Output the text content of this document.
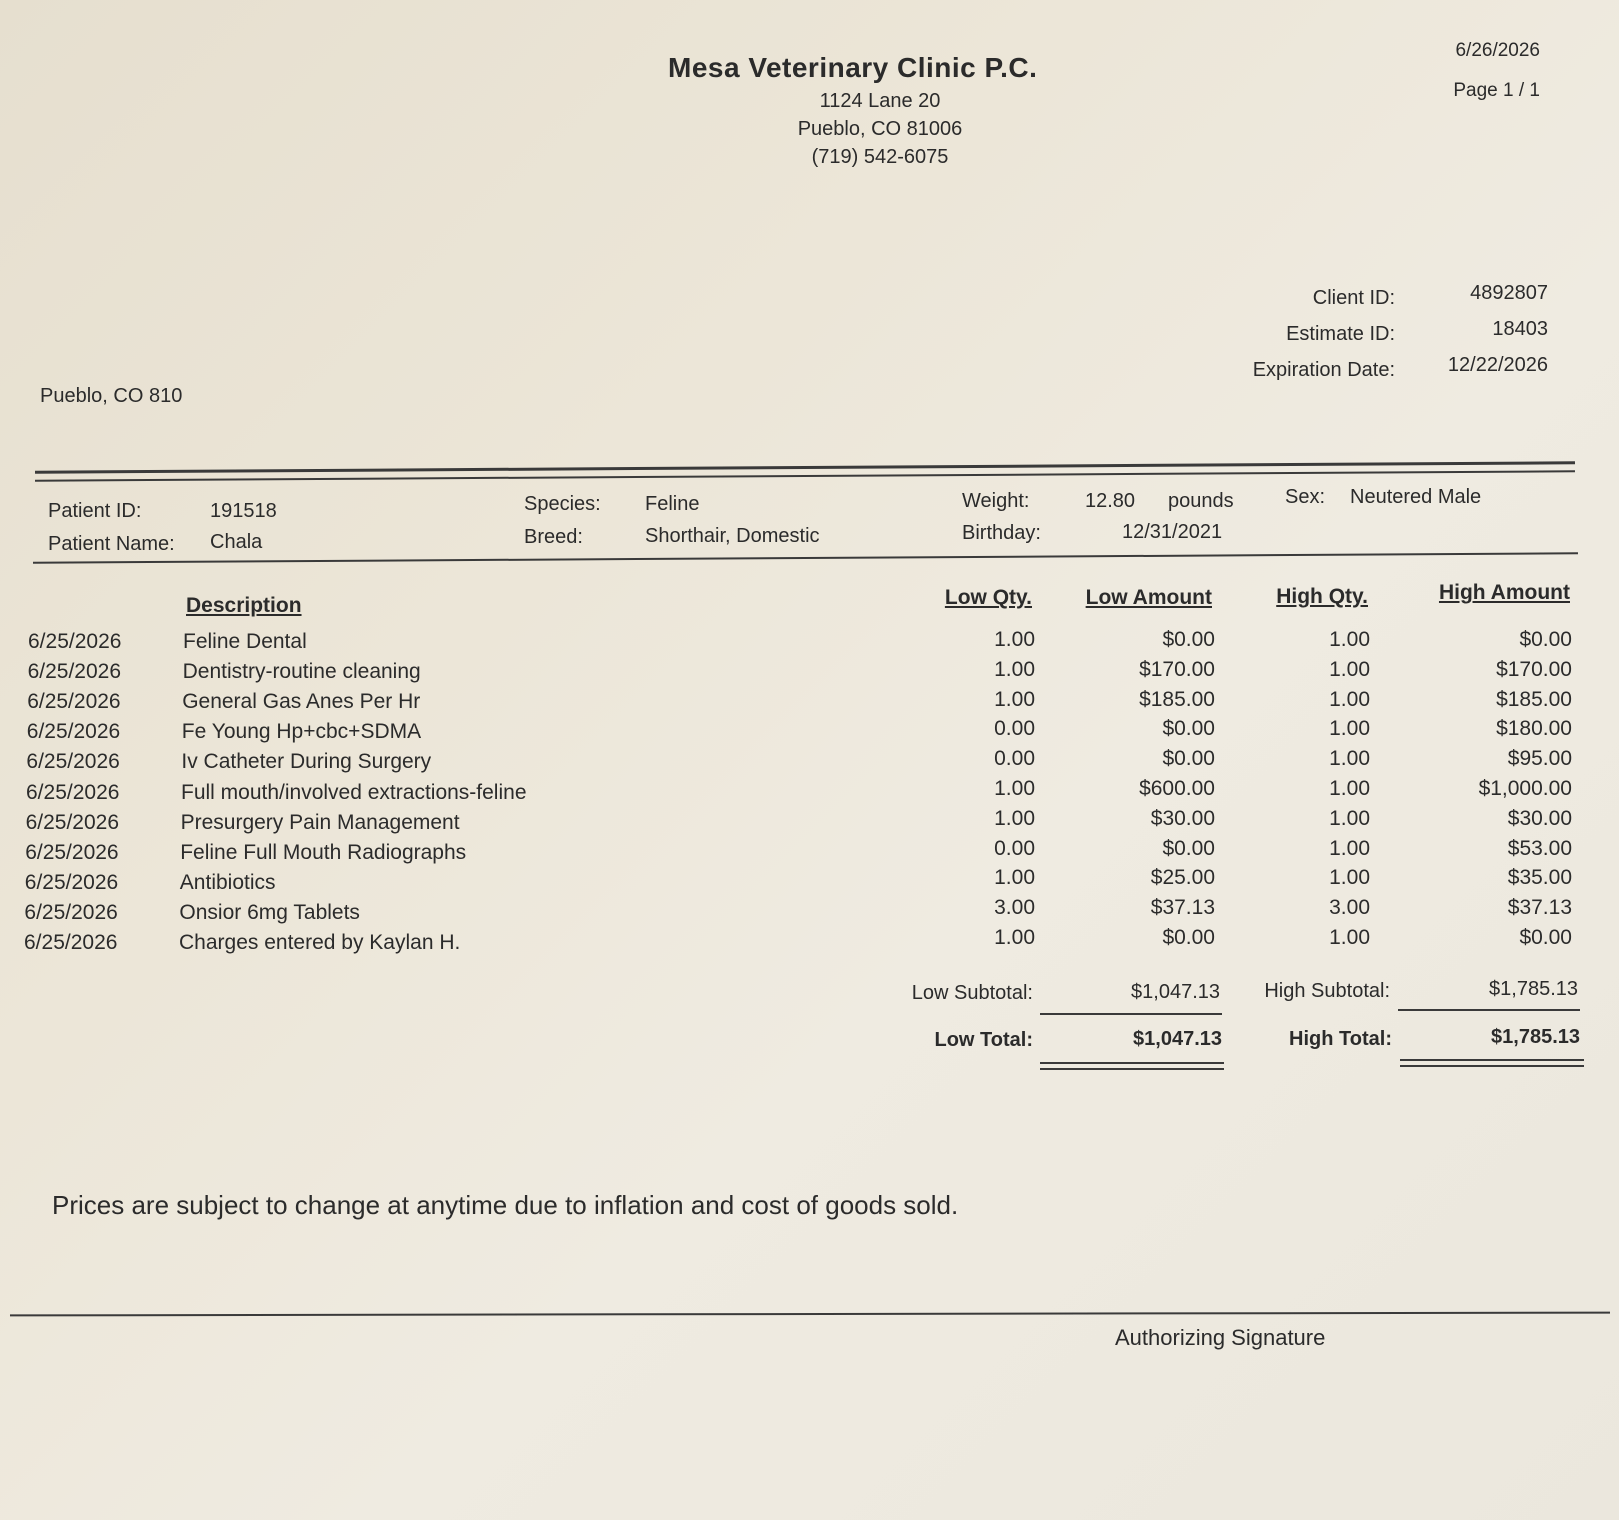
Mesa Veterinary Clinic P.C.
1124 Lane 20
Pueblo, CO 81006
(719) 542-6075
6/26/2026
Page 1 / 1
Pueblo, CO 810
Client ID:	4892807
Estimate ID:	18403
Expiration Date:	12/22/2026
Patient ID:	191518
Patient Name: Chala
Species: Feline
Breed:	Shorthair, Domestic
Weight:	12.80 pounds
Birthday:	12/31/2021
Sex: Neutered Male
Description	Low Qty.	Low Amount	High Qty.	High Amount
6/25/2026	Feline Dental	1.00	$0.00	1.00	$0.00
6/25/2026	Dentistry-routine cleaning	1.00	$170.00	1.00	$170.00
6/25/2026	General Gas Anes Per Hr	1.00	$185.00	1.00	$185.00
6/25/2026	Fe Young Hp+cbc+SDMA	0.00	$0.00	1.00	$180.00
6/25/2026	Iv Catheter During Surgery	0.00	$0.00	1.00	$95.00
6/25/2026	Full mouth/involved extractions-feline	1.00	$600.00	1.00	$1,000.00
6/25/2026	Presurgery Pain Management	1.00	$30.00	1.00	$30.00
6/25/2026	Feline Full Mouth Radiographs	0.00	$0.00	1.00	$53.00
6/25/2026	Antibiotics	1.00	$25.00	1.00	$35.00
6/25/2026	Onsior 6mg Tablets	3.00	$37.13	3.00	$37.13
6/25/2026	Charges entered by Kaylan H.	1.00	$0.00	1.00	$0.00
Low Subtotal:	$1,047.13	High Subtotal:	$1,785.13
Low Total:	$1,047.13	High Total:	$1,785.13
Prices are subject to change at anytime due to inflation and cost of goods sold.
Authorizing Signature
